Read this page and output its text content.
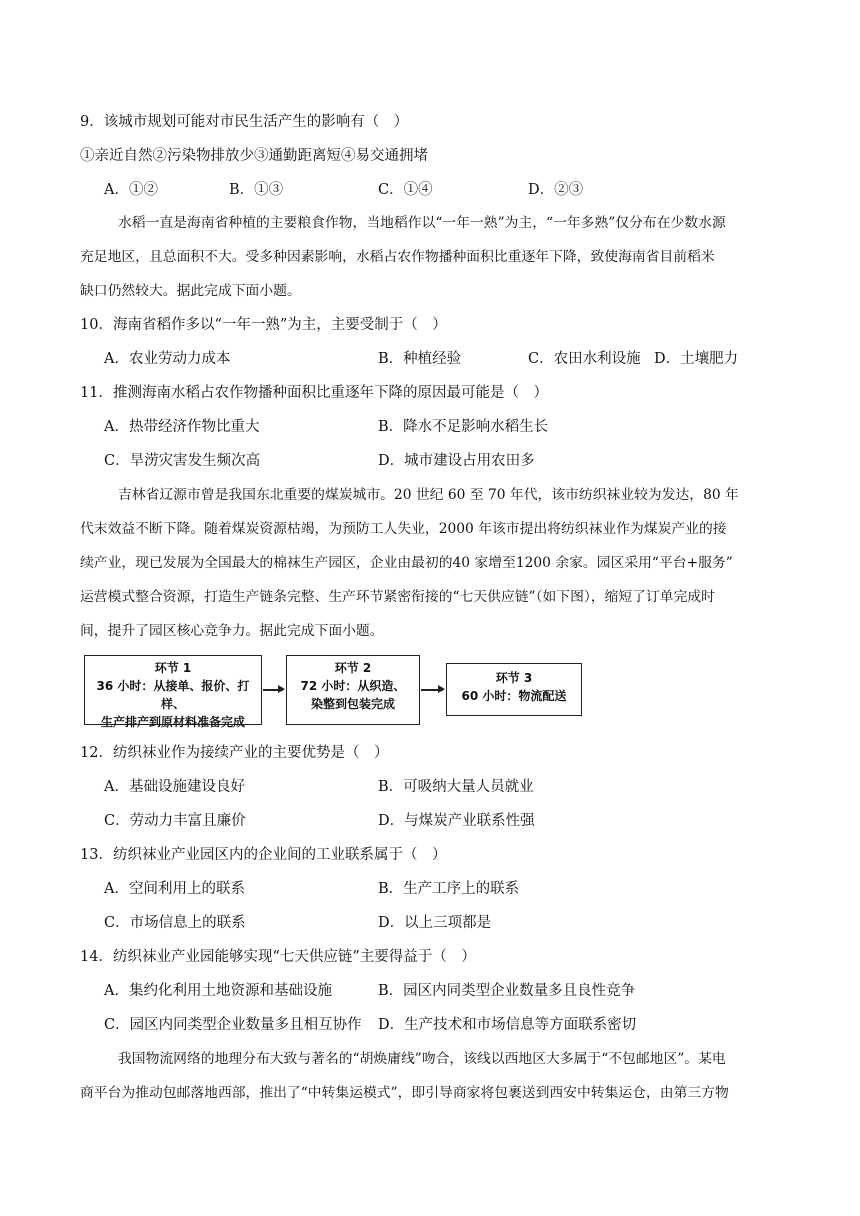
9．该城市规划可能对市民生活产生的影响有（　）
①亲近自然②污染物排放少③通勤距离短④易交通拥堵
A．①②	B．①③	C．①④	D．②③
水稻一直是海南省种植的主要粮食作物，当地稻作以“一年一熟”为主，“一年多熟”仅分布在少数水源
充足地区，且总面积不大。受多种因素影响，水稻占农作物播种面积比重逐年下降，致使海南省目前稻米
缺口仍然较大。据此完成下面小题。
10．海南省稻作多以“一年一熟”为主，主要受制于（　）
A．农业劳动力成本	B．种植经验	C．农田水利设施 D．土壤肥力
11．推测海南水稻占农作物播种面积比重逐年下降的原因最可能是（　）
A．热带经济作物比重大	B．降水不足影响水稻生长
C．旱涝灾害发生频次高	D．城市建设占用农田多
吉林省辽源市曾是我国东北重要的煤炭城市。20 世纪 60 至 70 年代，该市纺织袜业较为发达，80 年
代末效益不断下降。随着煤炭资源枯竭，为预防工人失业，2000 年该市提出将纺织袜业作为煤炭产业的接
续产业，现已发展为全国最大的棉袜生产园区，企业由最初的40 家增至1200 余家。园区采用“平台+服务”
运营模式整合资源，打造生产链条完整、生产环节紧密衔接的“七天供应链”（如下图），缩短了订单完成时
间，提升了园区核心竞争力。据此完成下面小题。
环节 1
36 小时：从接单、报价、打样、
生产排产到原材料准备完成
环节 2
72 小时：从织造、
染整到包装完成
环节 3
60 小时：物流配送
12．纺织袜业作为接续产业的主要优势是（　）
A．基础设施建设良好	B．可吸纳大量人员就业
C．劳动力丰富且廉价	D．与煤炭产业联系性强
13．纺织袜业产业园区内的企业间的工业联系属于（　）
A．空间利用上的联系	B．生产工序上的联系
C．市场信息上的联系	D．以上三项都是
14．纺织袜业产业园能够实现“七天供应链”主要得益于（　）
A．集约化利用土地资源和基础设施	B．园区内同类型企业数量多且良性竞争
C．园区内同类型企业数量多且相互协作 D．生产技术和市场信息等方面联系密切
我国物流网络的地理分布大致与著名的“胡焕庸线”吻合，该线以西地区大多属于“不包邮地区”。某电
商平台为推动包邮落地西部，推出了“中转集运模式”，即引导商家将包裹送到西安中转集运仓，由第三方物
